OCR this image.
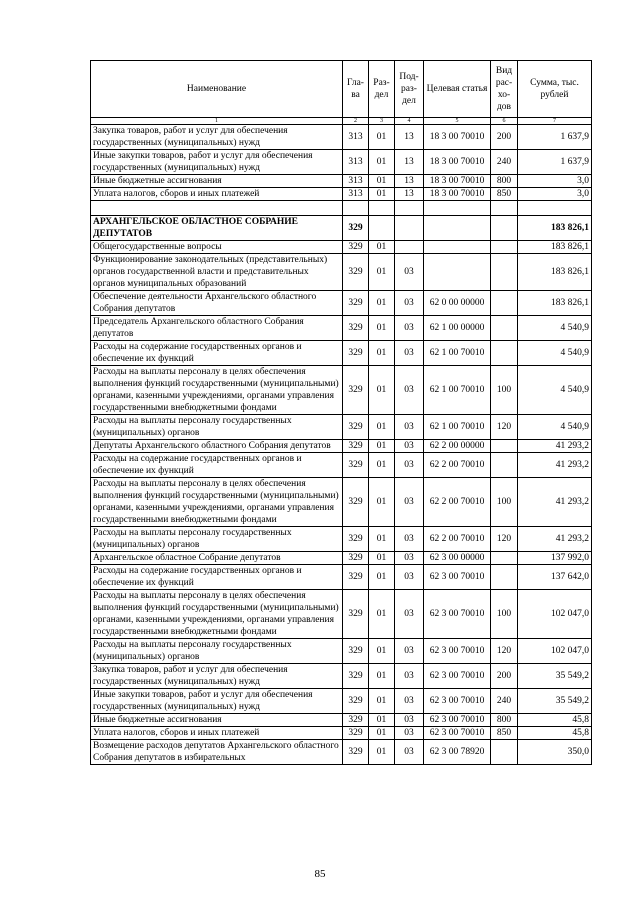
Наименование	Гла-ва	Раз-дел	Под-раз-дел	Целевая статья	Вид рас-хо-дов	Сумма, тыс. рублей
1	2	3	4	5	6	7
Закупка товаров, работ и услуг для обеспечения государственных (муниципальных) нужд	313	01	13	18 3 00 70010	200	1 637,9
Иные закупки товаров, работ и услуг для обеспечения государственных (муниципальных) нужд	313	01	13	18 3 00 70010	240	1 637,9
Иные бюджетные ассигнования	313	01	13	18 3 00 70010	800	3,0
Уплата налогов, сборов и иных платежей	313	01	13	18 3 00 70010	850	3,0

АРХАНГЕЛЬСКОЕ ОБЛАСТНОЕ СОБРАНИЕ ДЕПУТАТОВ	329					183 826,1
Общегосударственные вопросы	329	01				183 826,1
Функционирование законодательных (представительных) органов государственной власти и представительных органов муниципальных образований	329	01	03			183 826,1
Обеспечение деятельности Архангельского областного Собрания депутатов	329	01	03	62 0 00 00000		183 826,1
Председатель Архангельского областного Собрания депутатов	329	01	03	62 1 00 00000		4 540,9
Расходы на содержание государственных органов и обеспечение их функций	329	01	03	62 1 00 70010		4 540,9
Расходы на выплаты персоналу в целях обеспечения выполнения функций государственными (муниципальными) органами, казенными учреждениями, органами управления государственными внебюджетными фондами	329	01	03	62 1 00 70010	100	4 540,9
Расходы на выплаты персоналу государственных (муниципальных) органов	329	01	03	62 1 00 70010	120	4 540,9
Депутаты Архангельского областного Собрания депутатов	329	01	03	62 2 00 00000		41 293,2
Расходы на содержание государственных органов и обеспечение их функций	329	01	03	62 2 00 70010		41 293,2
Расходы на выплаты персоналу в целях обеспечения выполнения функций государственными (муниципальными) органами, казенными учреждениями, органами управления государственными внебюджетными фондами	329	01	03	62 2 00 70010	100	41 293,2
Расходы на выплаты персоналу государственных (муниципальных) органов	329	01	03	62 2 00 70010	120	41 293,2
Архангельское областное Собрание депутатов	329	01	03	62 3 00 00000		137 992,0
Расходы на содержание государственных органов и обеспечение их функций	329	01	03	62 3 00 70010		137 642,0
Расходы на выплаты персоналу в целях обеспечения выполнения функций государственными (муниципальными) органами, казенными учреждениями, органами управления государственными внебюджетными фондами	329	01	03	62 3 00 70010	100	102 047,0
Расходы на выплаты персоналу государственных (муниципальных) органов	329	01	03	62 3 00 70010	120	102 047,0
Закупка товаров, работ и услуг для обеспечения государственных (муниципальных) нужд	329	01	03	62 3 00 70010	200	35 549,2
Иные закупки товаров, работ и услуг для обеспечения государственных (муниципальных) нужд	329	01	03	62 3 00 70010	240	35 549,2
Иные бюджетные ассигнования	329	01	03	62 3 00 70010	800	45,8
Уплата налогов, сборов и иных платежей	329	01	03	62 3 00 70010	850	45,8
Возмещение расходов депутатов Архангельского областного Собрания депутатов в избирательных	329	01	03	62 3 00 78920		350,0
85
